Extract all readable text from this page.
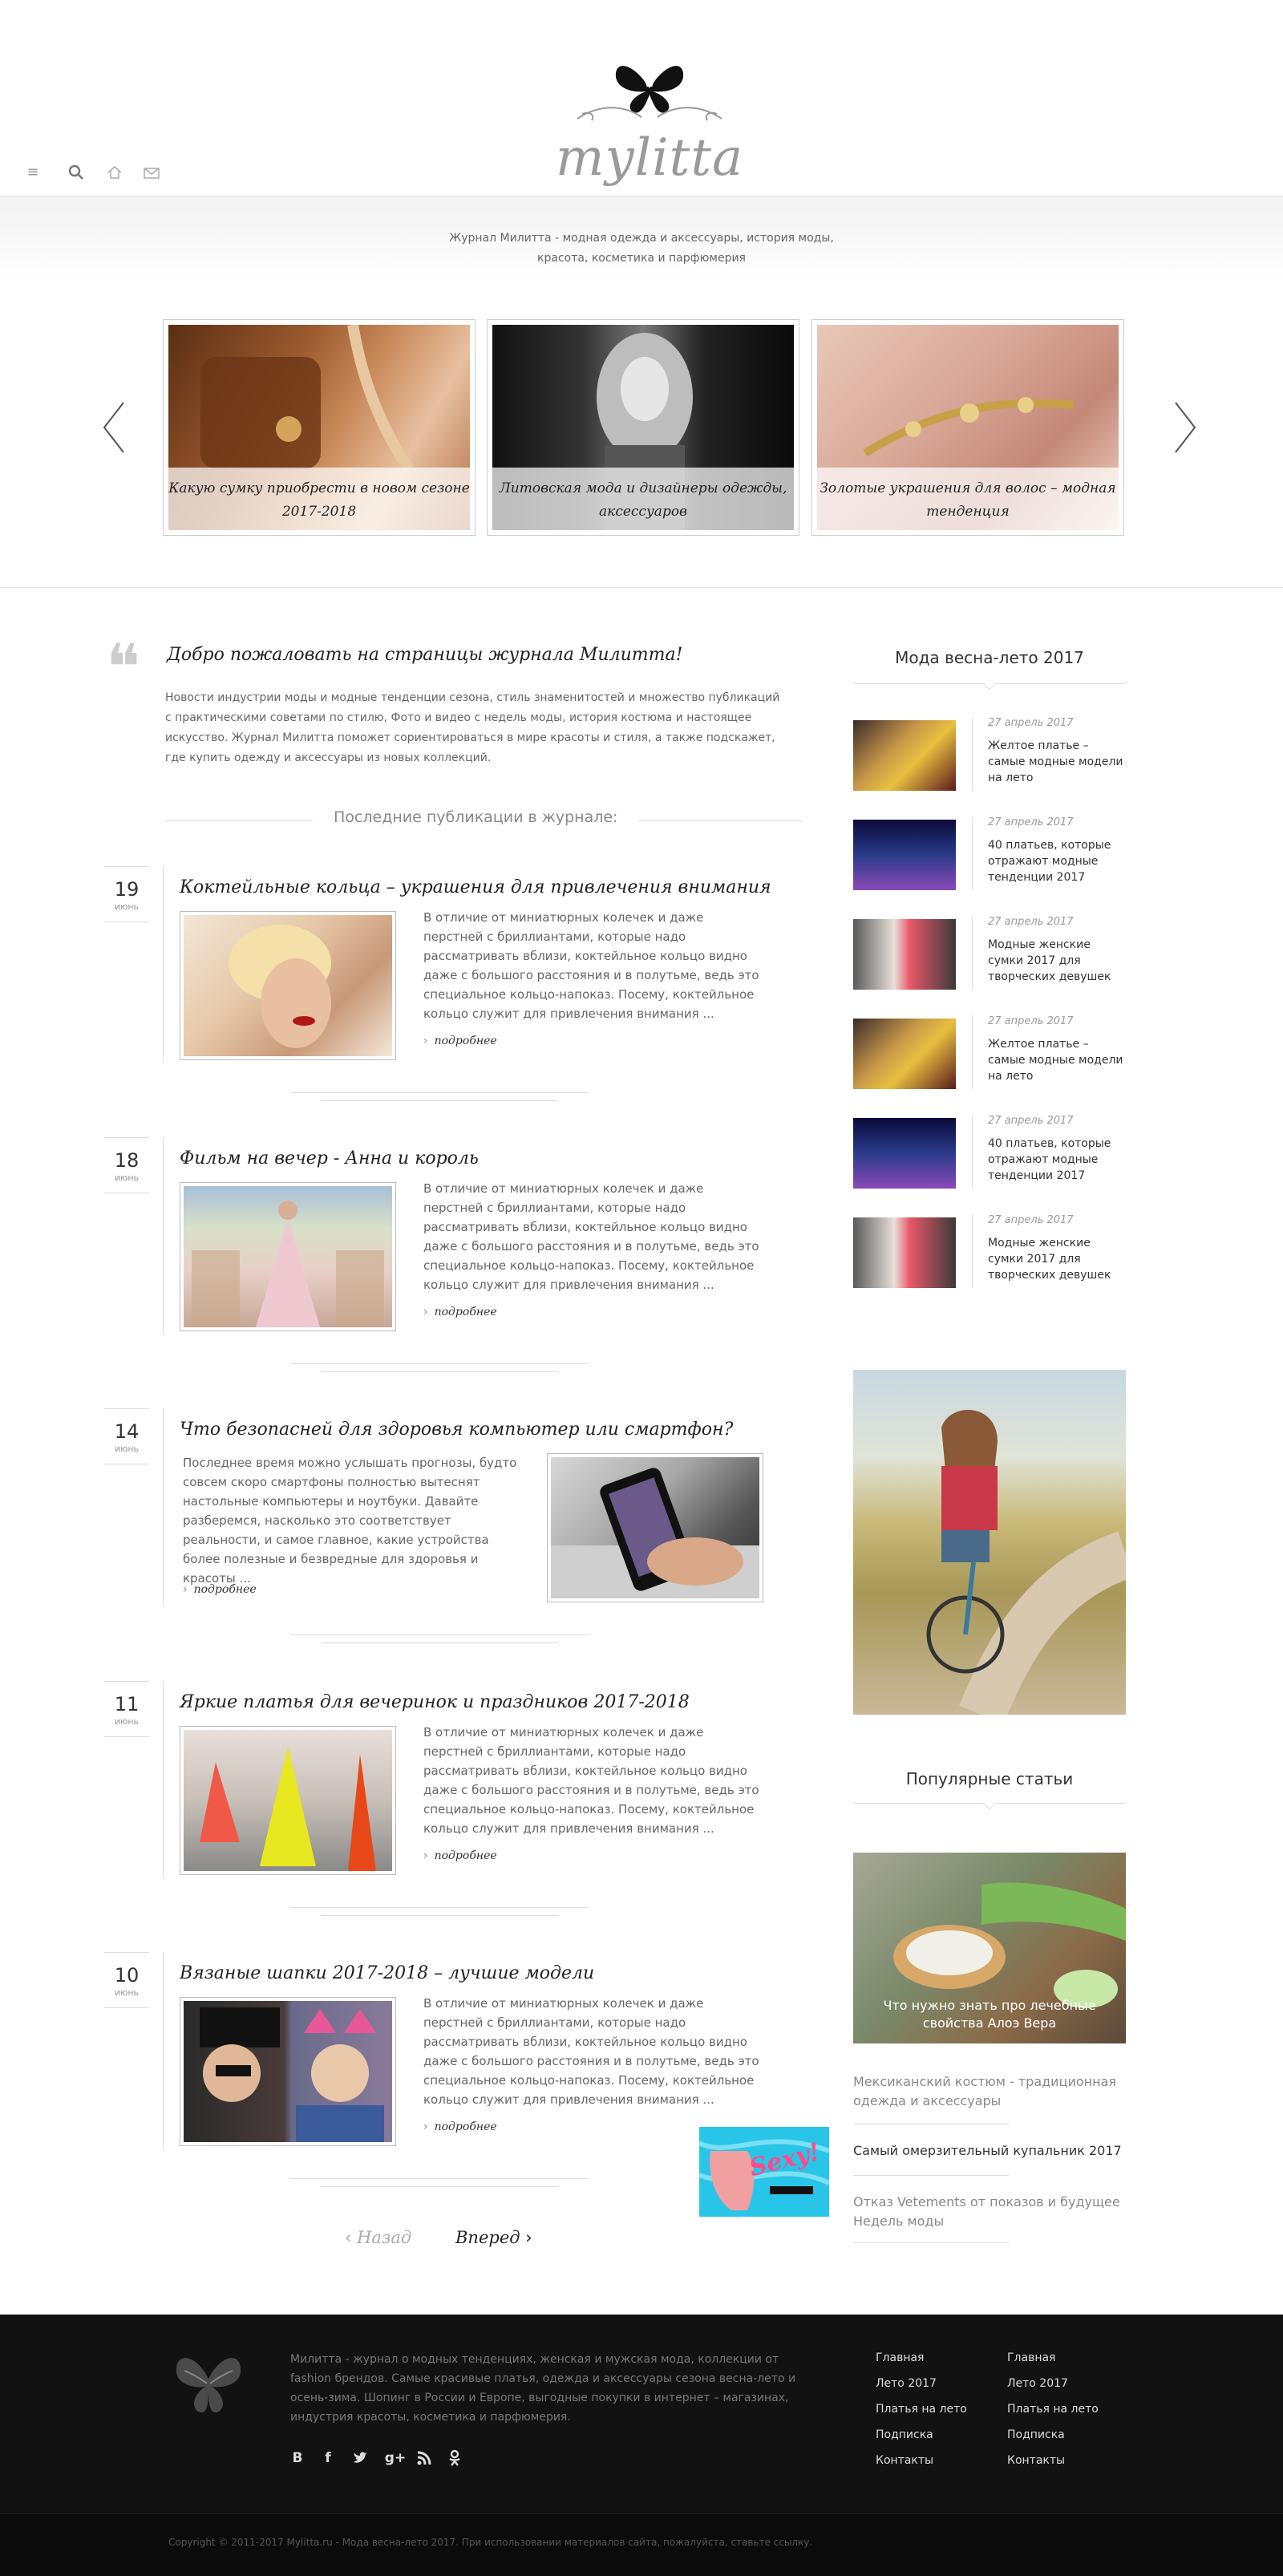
mylitta
≡

Журнал Милитта - модная одежда и аксессуары, история моды, красота, косметика и парфюмерия

Какую сумку приобрести в новом сезоне 2017-2018
Литовская мода и дизайнеры одежды, аксессуаров
Золотые украшения для волос – модная тенденция
❝ Добро пожаловать на страницы журнала Милитта!
Новости индустрии моды и модные тенденции сезона, стиль знаменитостей и множество публикаций с практическими советами по стилю, Фото и видео с недель моды, история костюма и настоящее искусство. Журнал Милитта поможет сориентироваться в мире красоты и стиля, а также подскажет, где купить одежду и аксессуары из новых коллекций.
Последние публикации в журнале:
19
июнь
Коктейльные кольца – украшения для привлечения внимания
В отличие от миниатюрных колечек и даже перстней с бриллиантами, которые надо рассматривать вблизи, коктейльное кольцо видно даже с большого расстояния и в полутьме, ведь это специальное кольцо-напоказ. Посему, коктейльное кольцо служит для привлечения внимания ...
› подробнее
18
июнь
Фильм на вечер - Анна и король
В отличие от миниатюрных колечек и даже перстней с бриллиантами, которые надо рассматривать вблизи, коктейльное кольцо видно даже с большого расстояния и в полутьме, ведь это специальное кольцо-напоказ. Посему, коктейльное кольцо служит для привлечения внимания ...
› подробнее
14
июнь
Что безопасней для здоровья компьютер или смартфон?
Последнее время можно услышать прогнозы, будто совсем скоро смартфоны полностью вытеснят настольные компьютеры и ноутбуки. Давайте разберемся, насколько это соответствует реальности, и самое главное, какие устройства более полезные и безвредные для здоровья и красоты ...
› подробнее
11
июнь
Яркие платья для вечеринок и праздников 2017-2018
В отличие от миниатюрных колечек и даже перстней с бриллиантами, которые надо рассматривать вблизи, коктейльное кольцо видно даже с большого расстояния и в полутьме, ведь это специальное кольцо-напоказ. Посему, коктейльное кольцо служит для привлечения внимания ...
› подробнее
10
июнь
Вязаные шапки 2017-2018 – лучшие модели
В отличие от миниатюрных колечек и даже перстней с бриллиантами, которые надо рассматривать вблизи, коктейльное кольцо видно даже с большого расстояния и в полутьме, ведь это специальное кольцо-напоказ. Посему, коктейльное кольцо служит для привлечения внимания ...
› подробнее
‹ Назад	Вперед ›
Мода весна-лето 2017
27 апрель 2017
Желтое платье – самые модные модели на лето
27 апрель 2017
40 платьев, которые отражают модные тенденции 2017
27 апрель 2017
Модные женские сумки 2017 для творческих девушек
27 апрель 2017
Желтое платье – самые модные модели на лето
27 апрель 2017
40 платьев, которые отражают модные тенденции 2017
27 апрель 2017
Модные женские сумки 2017 для творческих девушек
Популярные статьи
Что нужно знать про лечебные свойства Алоэ Вера
Мексиканский костюм - традиционная одежда и аксессуары
Самый омерзительный купальник 2017
Отказ Vetements от показов и будущее Недель моды
Sexy!
Милитта - журнал о модных тенденциях, женская и мужская мода, коллекции от fashion брендов. Самые красивые платья, одежда и аксессуары сезона весна-лето и осень-зима. Шопинг в России и Европе, выгодные покупки в интернет – магазинах, индустрия красоты, косметика и парфюмерия.
В	f	g+
Главная
Лето 2017
Платья на лето
Подписка
Контакты
Главная
Лето 2017
Платья на лето
Подписка
Контакты

Copyright © 2011-2017 Mylitta.ru - Мода весна-лето 2017. При использовании материалов сайта, пожалуйста, ставьте ссылку.
